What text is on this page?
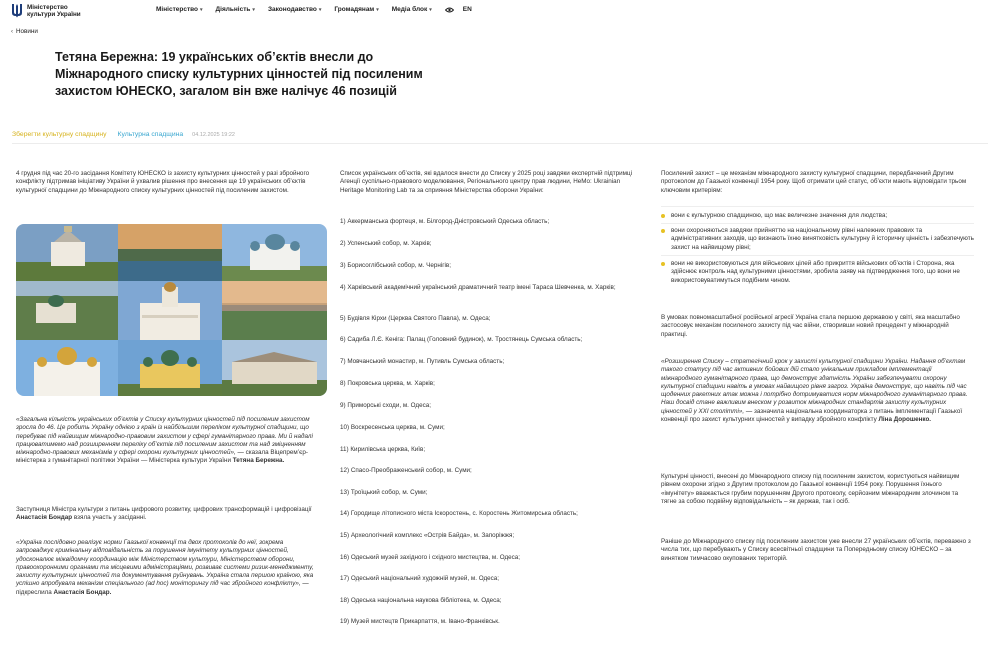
Міністерство
культури України
Міністерство ▾ Діяльність ▾ Законодавство ▾ Громадянам ▾ Медіа блок ▾	EN
‹ Новини
Тетяна Бережна: 19 українських об’єктів внесли до Міжнародного списку культурних цінностей під посиленим захистом ЮНЕСКО, загалом він вже налічує 46 позицій
Зберегти культурну спадщину Культурна спадщина 04.12.2025 19:22
4 грудня під час 20-го засідання Комітету ЮНЕСКО із захисту культурних цінностей у разі збройного конфлікту підтримав ініціативу України й ухвалив рішення про внесення ще 19 українських об’єктів культурної спадщини до Міжнародного списку культурних цінностей під посиленим захистом.
«Загальна кількість українських об’єктів у Списку культурних цінностей під посиленим захистом зросла до 46. Це робить Україну однією з країн із найбільшим переліком культурної спадщини, що перебуває під найвищим міжнародно-правовим захистом у сфері гуманітарного права. Ми й надалі працюватимемо над розширенням переліку об’єктів під посиленим захистом та над зміцненням міжнародно-правових механізмів у сфері охорони культурних цінностей», — сказала Віцепрем’єр-міністерка з гуманітарної політики України — Міністерка культури України Тетяна Бережна.
Заступниця Міністра культури з питань цифрового розвитку, цифрових трансформацій і цифровізації Анастасія Бондар взяла участь у засіданні.
«Україна послідовно реалізує норми Гаазької конвенції та двох протоколів до неї, зокрема запроваджує кримінальну відповідальність за порушення імунітету культурних цінностей, удосконалює міжвідомчу координацію між Міністерством культури, Міністерством оборони, правоохоронними органами та місцевими адміністраціями, розвиває системи ризик-менеджменту, захисту культурних цінностей та документування руйнувань. Україна стала першою країною, яка успішно апробувала механізм спеціального (ad hoc) моніторингу під час збройного конфлікту», — підкреслила Анастасія Бондар.
Список українських об’єктів, які вдалося внести до Списку у 2025 році завдяки експертній підтримці Агенції суспільно-правового моделювання, Регіонального центру прав людини, HeMo: Ukrainian Heritage Monitoring Lab та за сприяння Міністерства оборони України:
1) Аккерманська фортеця, м. Білгород-Дністровський Одеська область;
2) Успенський собор, м. Харків;
3) Борисоглібський собор, м. Чернігів;
4) Харківський академічний український драматичний театр імені Тараса Шевченка, м. Харків;
5) Будівля Кірхи (Церква Святого Павла), м. Одеса;
6) Садиба Л.Є. Кеніга: Палац (Головний будинок), м. Тростянець Сумська область;
7) Мовчанський монастир, м. Путивль Сумська область;
8) Покровська церква, м. Харків;
9) Приморські сходи, м. Одеса;
10) Воскресенська церква, м. Суми;
11) Кирилівська церква, Київ;
12) Спасо-Преображенський собор, м. Суми;
13) Троїцький собор, м. Суми;
14) Городище літописного міста Іскоростень, с. Коростень Житомирська область;
15) Археологічний комплекс «Острів Байда», м. Запоріжжя;
16) Одеський музей західного і східного мистецтва, м. Одеса;
17) Одеський національний художній музей, м. Одеса;
18) Одеська національна наукова бібліотека, м. Одеса;
19) Музей мистецтв Прикарпаття, м. Івано-Франківськ.
Посилений захист – це механізм міжнародного захисту культурної спадщини, передбачений Другим протоколом до Гаазької конвенції 1954 року. Щоб отримати цей статус, об’єкти мають відповідати трьом ключовим критеріям:
вони є культурною спадщиною, що має величезне значення для людства;
вони охороняються завдяки прийняттю на національному рівні належних правових та адміністративних заходів, що визнають їхню винятковість культурну й історичну цінність і забезпечують захист на найвищому рівні;
вони не використовуються для військових цілей або прикриття військових об’єктів і Сторона, яка здійснює контроль над культурними цінностями, зробила заяву на підтвердження того, що вони не використовуватимуться подібним чином.
В умовах повномасштабної російської агресії Україна стала першою державою у світі, яка масштабно застосовує механізм посиленого захисту під час війни, створивши новий прецедент у міжнародній практиці.
«Розширення Списку – стратегічний крок у захисті культурної спадщини України. Надання об’єктам такого статусу під час активних бойових дій стало унікальним прикладом імплементації міжнародного гуманітарного права, що демонструє здатність України забезпечувати охорону культурної спадщини навіть в умовах найвищого рівня загроз. Україна демонструє, що навіть під час щоденних ракетних атак можна і потрібно дотримуватися норм міжнародного гуманітарного права. Наш досвід стане важливим внеском у розвиток міжнародних стандартів захисту культурних цінностей у XXI столітті», — зазначила національна координаторка з питань імплементації Гаазької конвенції про захист культурних цінностей у випадку збройного конфлікту Ліна Дорошенко.
Культурні цінності, внесені до Міжнародного списку під посиленим захистом, користуються найвищим рівнем охорони згідно з Другим протоколом до Гаазької конвенції 1954 року. Порушення їхнього «імунітету» вважається грубим порушенням Другого протоколу, серйозним міжнародним злочином та тягне за собою подвійну відповідальність – як держав, так і осіб.
Раніше до Міжнародного списку під посиленим захистом уже внесли 27 українських об’єктів, переважно з числа тих, що перебувають у Списку всесвітньої спадщини та Попередньому списку ЮНЕСКО – за винятком тимчасово окупованих територій.
